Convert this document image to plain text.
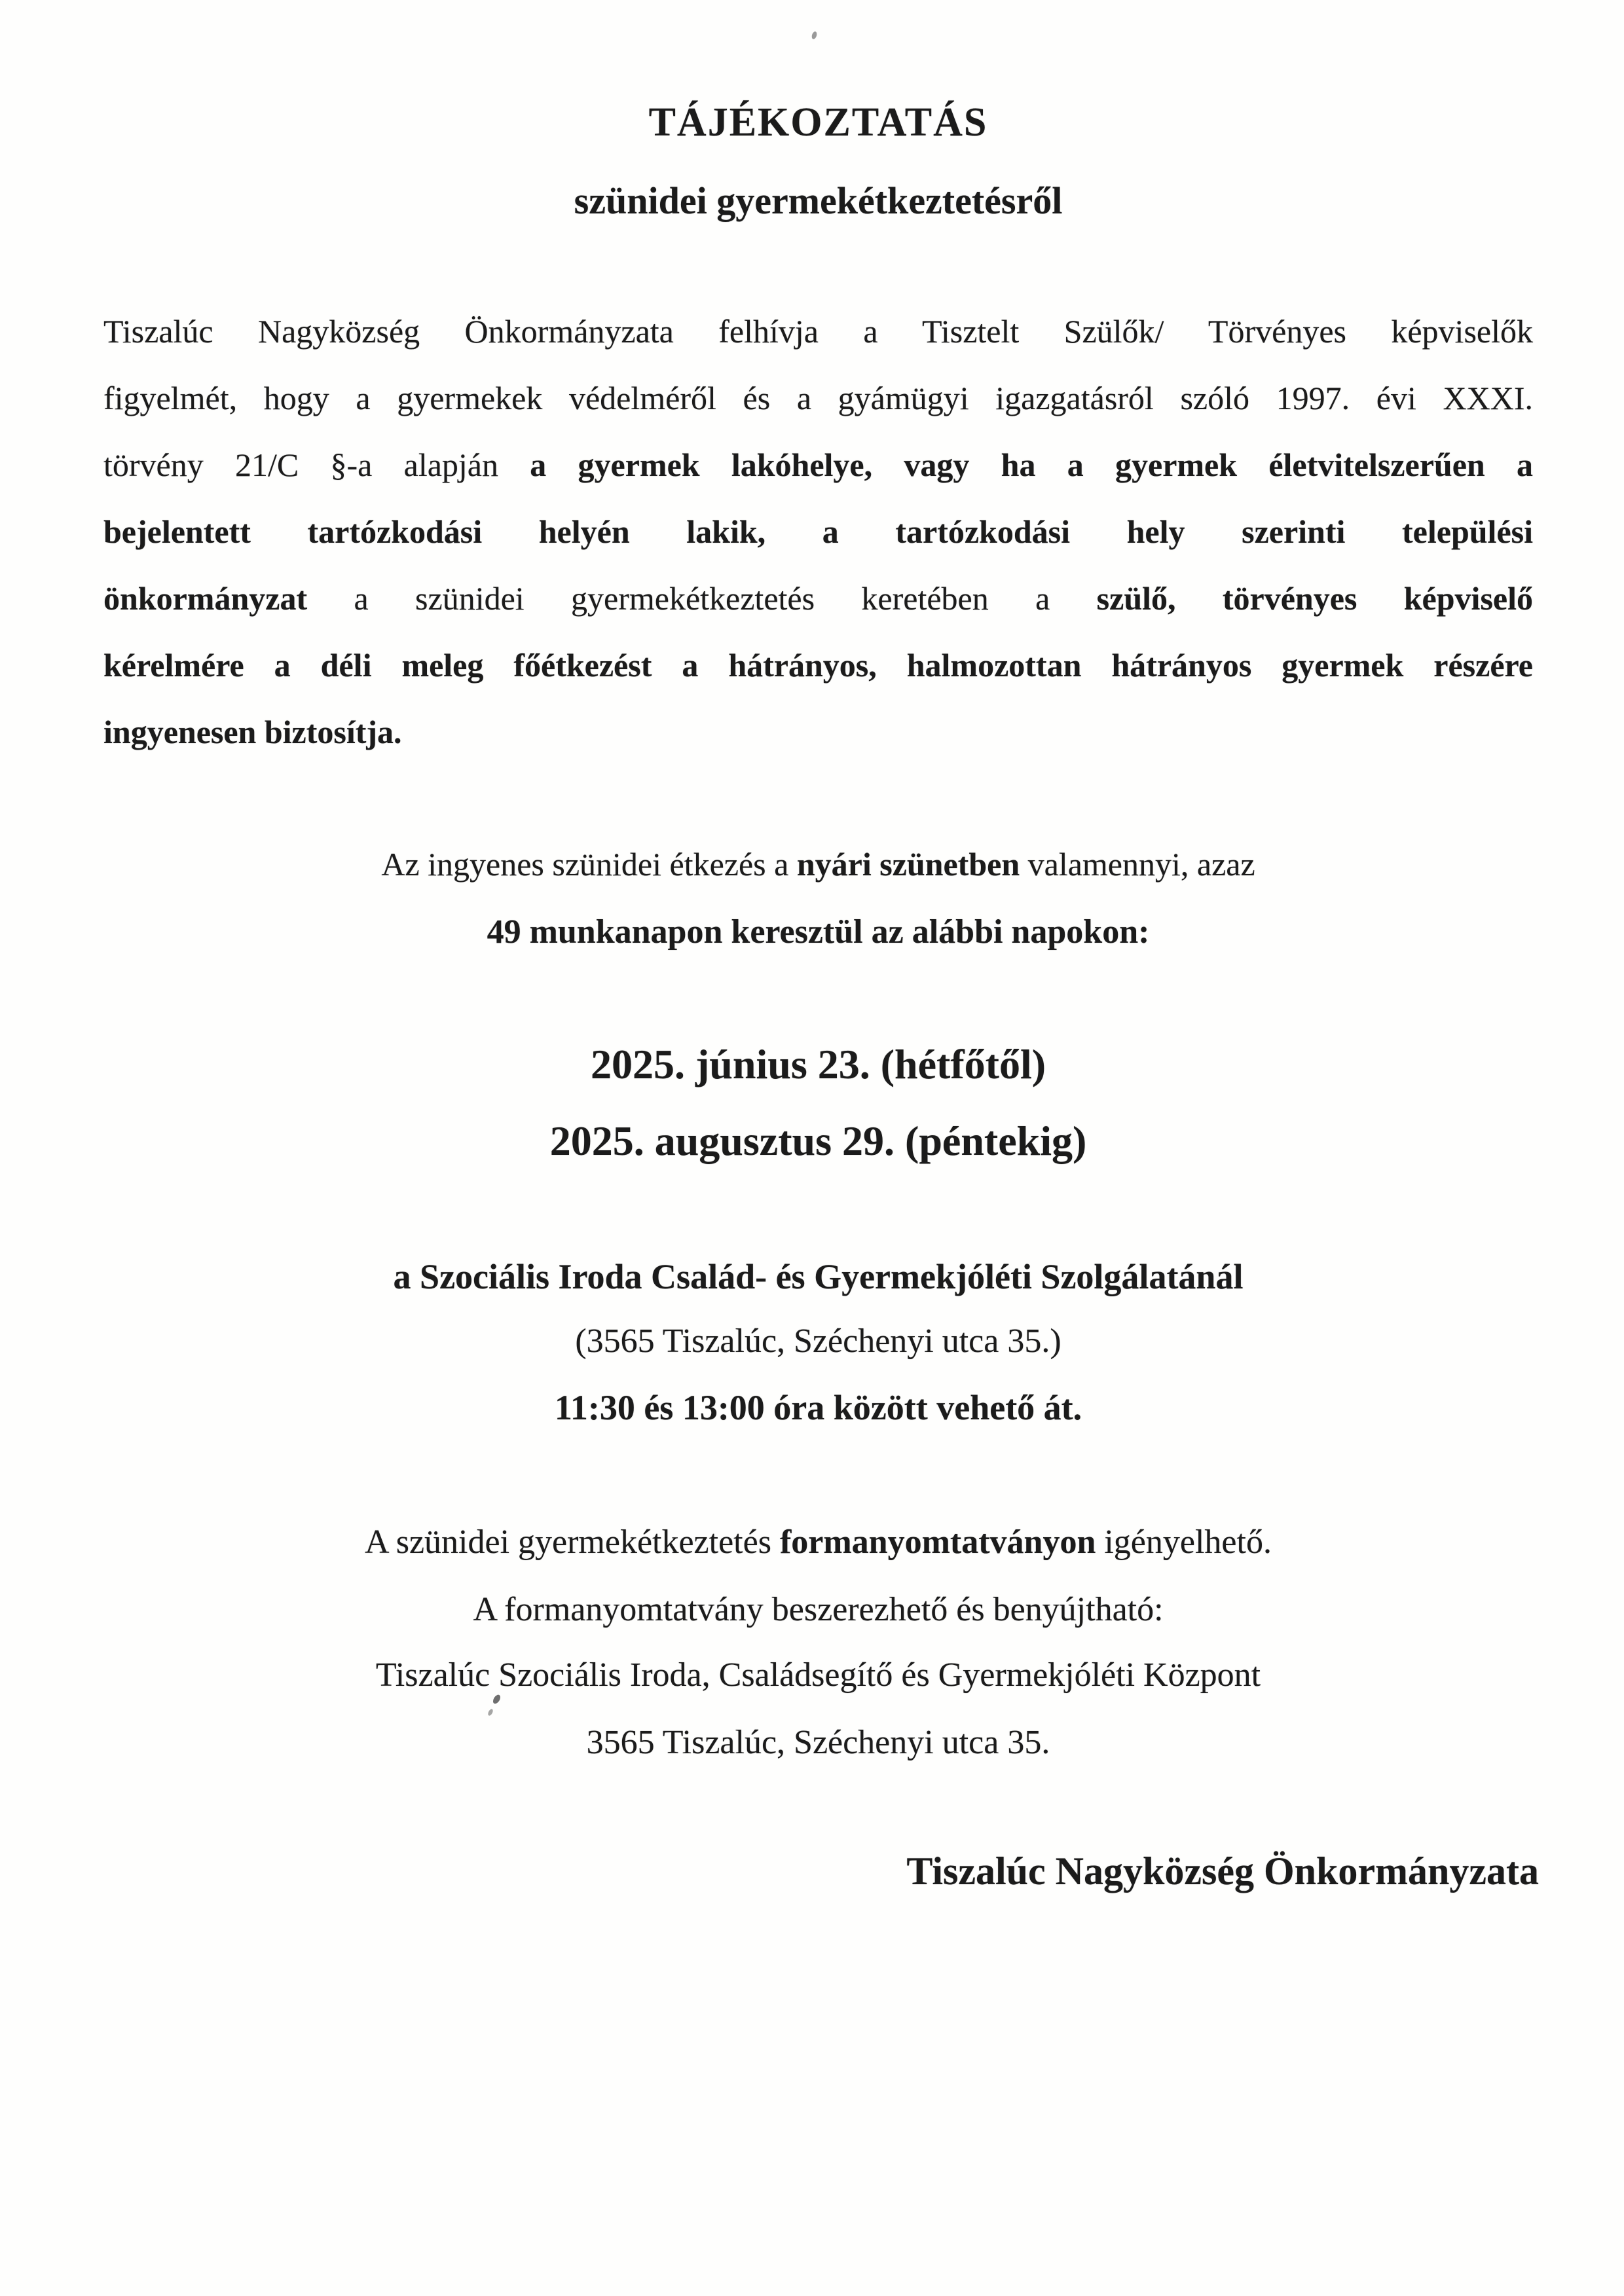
TÁJÉKOZTATÁS
szünidei gyermekétkeztetésről
Tiszalúc Nagyközség Önkormányzata felhívja a Tisztelt Szülők/ Törvényes képviselők
figyelmét, hogy a gyermekek védelméről és a gyámügyi igazgatásról szóló 1997. évi XXXI.
törvény 21/C §-a alapján a gyermek lakóhelye, vagy ha a gyermek életvitelszerűen a
bejelentett tartózkodási helyén lakik, a tartózkodási hely szerinti települési
önkormányzat a szünidei gyermekétkeztetés keretében a szülő, törvényes képviselő
kérelmére a déli meleg főétkezést a hátrányos, halmozottan hátrányos gyermek részére
ingyenesen biztosítja.
Az ingyenes szünidei étkezés a nyári szünetben valamennyi, azaz
49 munkanapon keresztül az alábbi napokon:
2025. június 23. (hétfőtől)
2025. augusztus 29. (péntekig)
a Szociális Iroda Család- és Gyermekjóléti Szolgálatánál
(3565 Tiszalúc, Széchenyi utca 35.)
11:30 és 13:00 óra között vehető át.
A szünidei gyermekétkeztetés formanyomtatványon igényelhető.
A formanyomtatvány beszerezhető és benyújtható:
Tiszalúc Szociális Iroda, Családsegítő és Gyermekjóléti Központ
3565 Tiszalúc, Széchenyi utca 35.
Tiszalúc Nagyközség Önkormányzata
